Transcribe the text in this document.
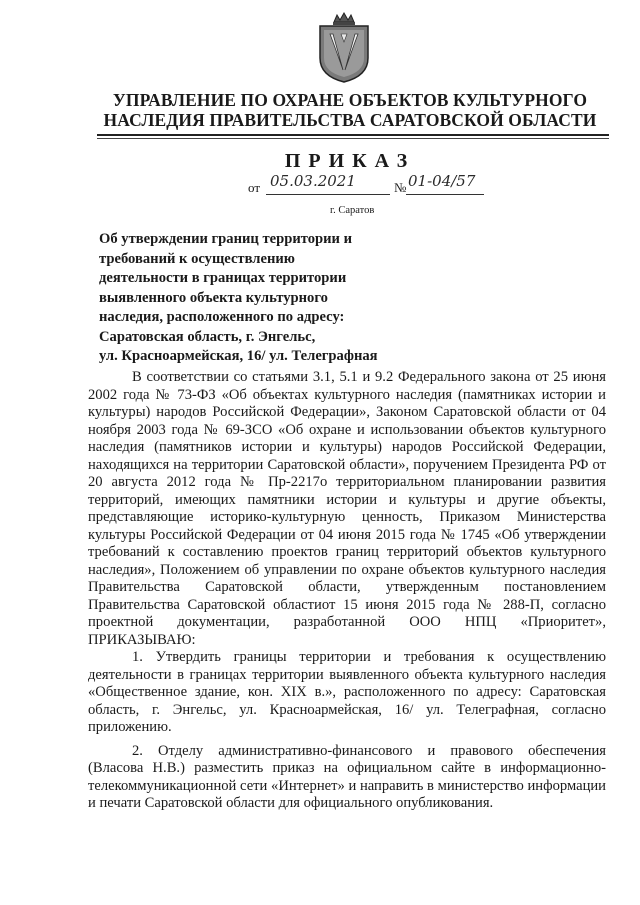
УПРАВЛЕНИЕ ПО ОХРАНЕ ОБЪЕКТОВ КУЛЬТУРНОГО
НАСЛЕДИЯ ПРАВИТЕЛЬСТВА САРАТОВСКОЙ ОБЛАСТИ
ПРИКАЗ
от 05.03.2021	№ 01-04/57
г. Саратов
Об утверждении границ территории и
требований к осуществлению
деятельности в границах территории
выявленного объекта культурного
наследия, расположенного по адресу:
Саратовская область, г. Энгельс,
ул. Красноармейская, 16/ ул. Телеграфная

В соответствии со статьями 3.1, 5.1 и 9.2 Федерального закона от 25 июня 2002 года № 73-ФЗ «Об объектах культурного наследия (памятниках истории и культуры) народов Российской Федерации», Законом Саратовской области от 04 ноября 2003 года № 69-ЗСО «Об охране и использовании объектов культурного наследия (памятников истории и культуры) народов Российской Федерации, находящихся на территории Саратовской области», поручением Президента РФ от 20 августа 2012 года № Пр-2217о территориальном планировании развития территорий, имеющих памятники истории и культуры и другие объекты, представляющие историко-культурную ценность, Приказом Министерства культуры Российской Федерации от 04 июня 2015 года № 1745 «Об утверждении требований к составлению проектов границ территорий объектов культурного наследия», Положением об управлении по охране объектов культурного наследия Правительства Саратовской области, утвержденным постановлением Правительства Саратовской областиот 15 июня 2015 года № 288-П, согласно проектной документации, разработанной ООО НПЦ «Приоритет», ПРИКАЗЫВАЮ:

1. Утвердить границы территории и требования к осуществлению деятельности в границах территории выявленного объекта культурного наследия «Общественное здание, кон. XIX в.», расположенного по адресу: Саратовская область, г. Энгельс, ул. Красноармейская, 16/ ул. Телеграфная, согласно приложению.

2. Отделу административно-финансового и правового обеспечения (Власова Н.В.) разместить приказ на официальном сайте в информационно-телекоммуникационной сети «Интернет» и направить в министерство информации и печати Саратовской области для официального опубликования.
